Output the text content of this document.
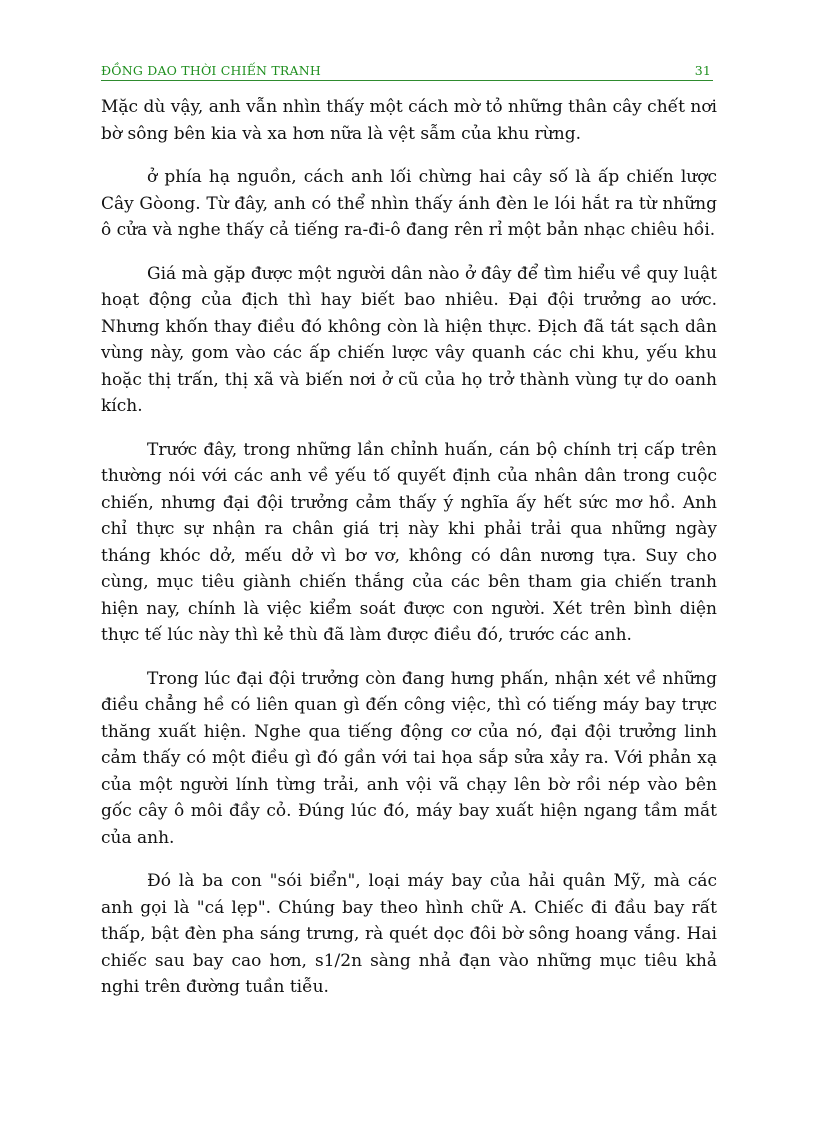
ĐỒNG DAO THỜI CHIẾN TRANH	31

Mặc dù vậy, anh vẫn nhìn thấy một cách mờ tỏ những thân cây chết nơi bờ sông bên kia và xa hơn nữa là vệt sẫm của khu rừng.

ở phía hạ nguồn, cách anh lối chừng hai cây số là ấp chiến lược Cây Gòong. Từ đây, anh có thể nhìn thấy ánh đèn le lói hắt ra từ những ô cửa và nghe thấy cả tiếng ra-đi-ô đang rên rỉ một bản nhạc chiêu hồi.

Giá mà gặp được một người dân nào ở đây để tìm hiểu về quy luật hoạt động của địch thì hay biết bao nhiêu. Đại đội trưởng ao ước. Nhưng khốn thay điều đó không còn là hiện thực. Địch đã tát sạch dân vùng này, gom vào các ấp chiến lược vây quanh các chi khu, yếu khu hoặc thị trấn, thị xã và biến nơi ở cũ của họ trở thành vùng tự do oanh kích.

Trước đây, trong những lần chỉnh huấn, cán bộ chính trị cấp trên thường nói với các anh về yếu tố quyết định của nhân dân trong cuộc chiến, nhưng đại đội trưởng cảm thấy ý nghĩa ấy hết sức mơ hồ. Anh chỉ thực sự nhận ra chân giá trị này khi phải trải qua những ngày tháng khóc dở, mếu dở vì bơ vơ, không có dân nương tựa. Suy cho cùng, mục tiêu giành chiến thắng của các bên tham gia chiến tranh hiện nay, chính là việc kiểm soát được con người. Xét trên bình diện thực tế lúc này thì kẻ thù đã làm được điều đó, trước các anh.

Trong lúc đại đội trưởng còn đang hưng phấn, nhận xét về những điều chẳng hề có liên quan gì đến công việc, thì có tiếng máy bay trực thăng xuất hiện. Nghe qua tiếng động cơ của nó, đại đội trưởng linh cảm thấy có một điều gì đó gần với tai họa sắp sửa xảy ra. Với phản xạ của một người lính từng trải, anh vội vã chạy lên bờ rồi nép vào bên gốc cây ô môi đầy cỏ. Đúng lúc đó, máy bay xuất hiện ngang tầm mắt của anh.

Đó là ba con "sói biển", loại máy bay của hải quân Mỹ, mà các anh gọi là "cá lẹp". Chúng bay theo hình chữ A. Chiếc đi đầu bay rất thấp, bật đèn pha sáng trưng, rà quét dọc đôi bờ sông hoang vắng. Hai chiếc sau bay cao hơn, s1/2n sàng nhả đạn vào những mục tiêu khả nghi trên đường tuần tiễu.
